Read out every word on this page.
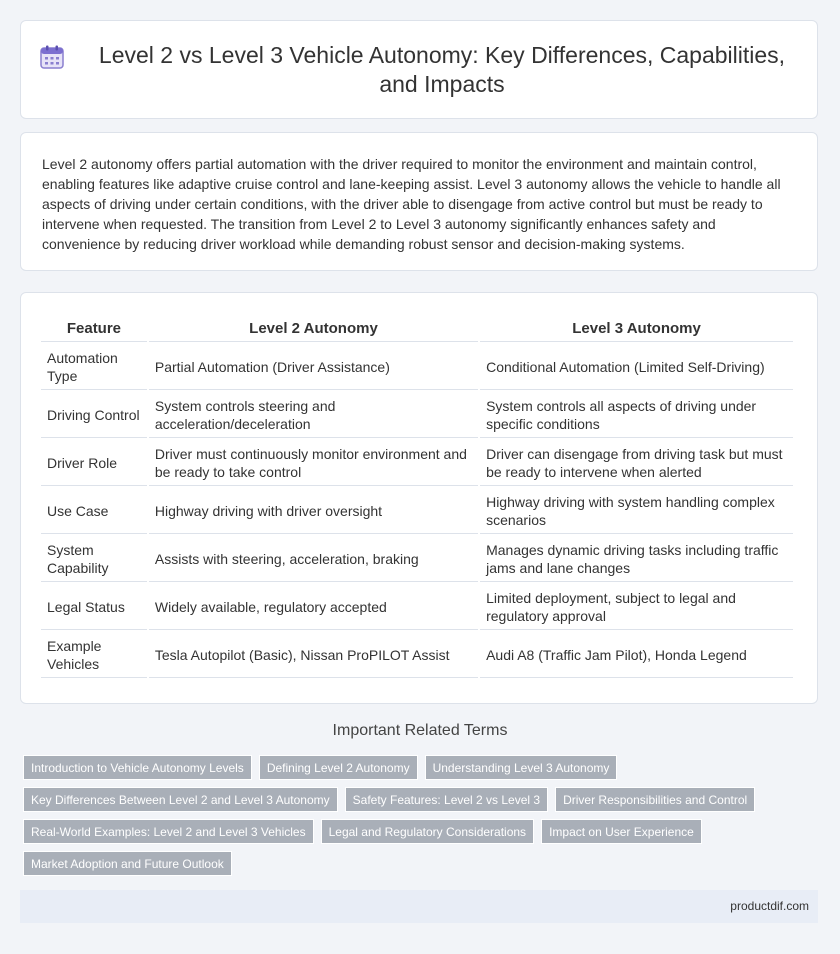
Level 2 vs Level 3 Vehicle Autonomy: Key Differences, Capabilities, and Impacts

Level 2 autonomy offers partial automation with the driver required to monitor the environment and maintain control, enabling features like adaptive cruise control and lane-keeping assist. Level 3 autonomy allows the vehicle to handle all aspects of driving under certain conditions, with the driver able to disengage from active control but must be ready to intervene when requested. The transition from Level 2 to Level 3 autonomy significantly enhances safety and convenience by reducing driver workload while demanding robust sensor and decision-making systems.

Feature	Level 2 Autonomy	Level 3 Autonomy
Automation Type	Partial Automation (Driver Assistance)	Conditional Automation (Limited Self-Driving)
Driving Control	System controls steering and acceleration/deceleration	System controls all aspects of driving under specific conditions
Driver Role	Driver must continuously monitor environment and be ready to take control	Driver can disengage from driving task but must be ready to intervene when alerted
Use Case	Highway driving with driver oversight	Highway driving with system handling complex scenarios
System Capability	Assists with steering, acceleration, braking	Manages dynamic driving tasks including traffic jams and lane changes
Legal Status	Widely available, regulatory accepted	Limited deployment, subject to legal and regulatory approval
Example Vehicles	Tesla Autopilot (Basic), Nissan ProPILOT Assist	Audi A8 (Traffic Jam Pilot), Honda Legend
Important Related Terms
Introduction to Vehicle Autonomy Levels	Defining Level 2 Autonomy	Understanding Level 3 Autonomy
Key Differences Between Level 2 and Level 3 Autonomy	Safety Features: Level 2 vs Level 3	Driver Responsibilities and Control
Real-World Examples: Level 2 and Level 3 Vehicles	Legal and Regulatory Considerations	Impact on User Experience
Market Adoption and Future Outlook
productdif.com
